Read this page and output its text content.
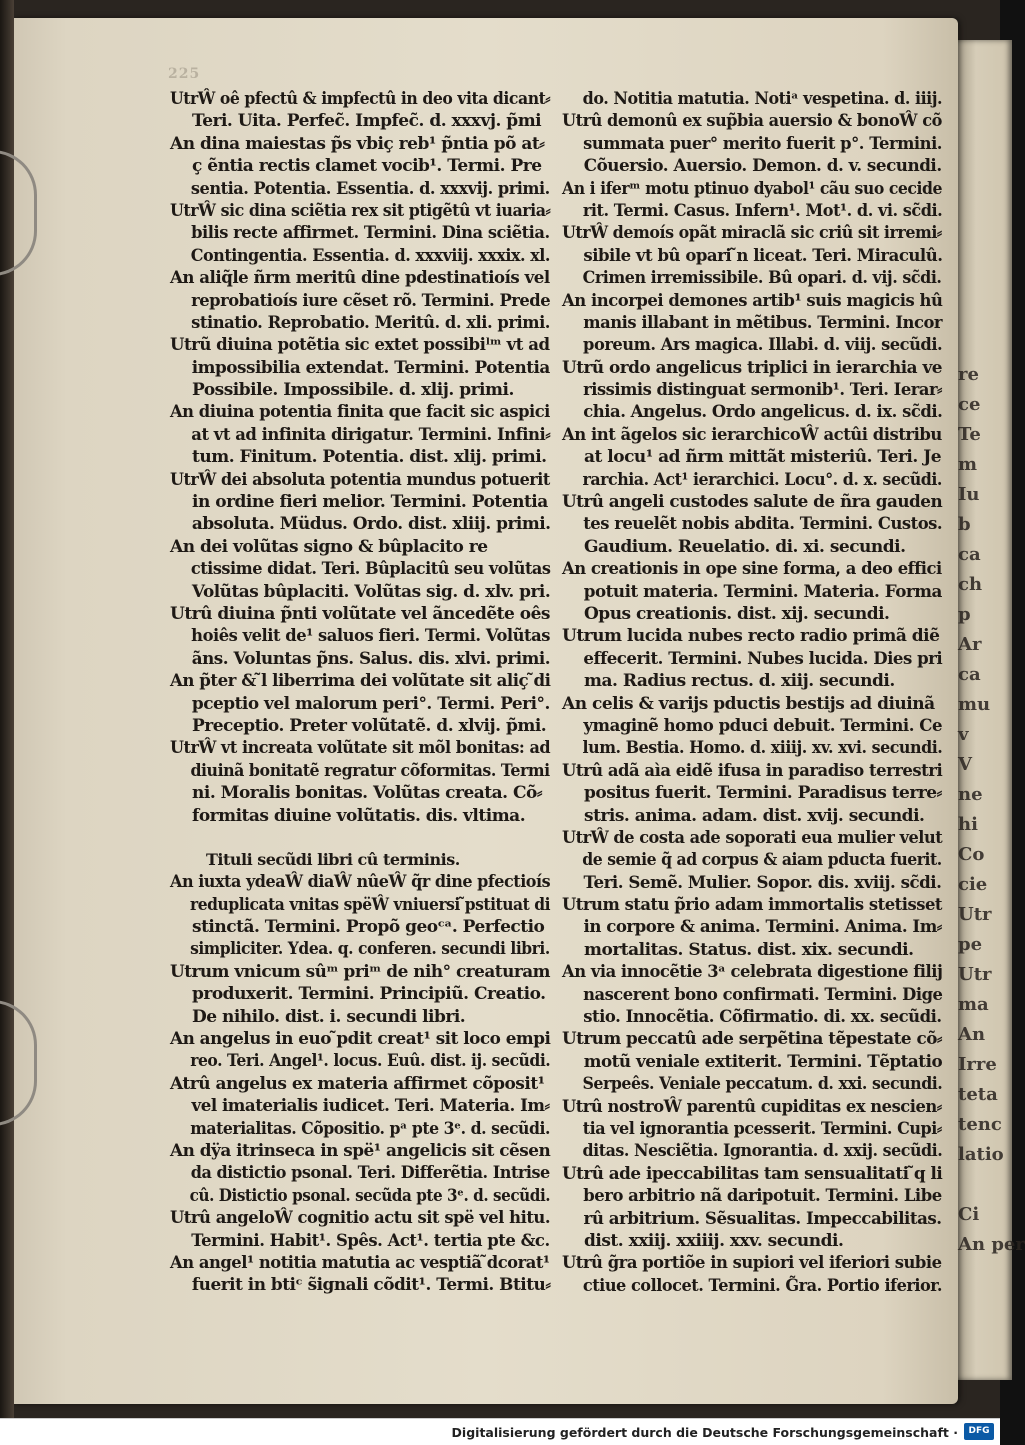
225
UtrŴ oê pfectû & impfectû in deo vita dicant⸗
Teri. Uita. Perfec̃. Impfec̃. d. xxxvj. p̃mi
An dina maiestas p̃s vbiç reb¹ p̃ntia põ at⸗
ç ẽntia rectis clamet vocib¹. Termi. Pre
sentia. Potentia. Essentia. d. xxxvij. primi.
UtrŴ sic dina sciẽtia rex sit ptigẽtû vt iuaria⸗
bilis recte affirmet. Termini. Dina sciẽtia.
Contingentia. Essentia. d. xxxviij. xxxix. xl.
An aliq̃le ñrm meritû dine pdestinatioís vel
reprobatioís iure cẽset rõ. Termini. Prede
stinatio. Reprobatio. Meritû. d. xli. primi.
Utrũ diuina potẽtia sic extet possibiˡᵐ vt ad
impossibilia extendat. Termini. Potentia
Possibile. Impossibile. d. xlij. primi.
An diuina potentia finita que facit sic aspici
at vt ad infinita dirigatur. Termini. Infini⸗
tum. Finitum. Potentia. dist. xlij. primi.
UtrŴ dei absoluta potentia mundus potuerit
in ordine fieri melior. Termini. Potentia
absoluta. Müdus. Ordo. dist. xliij. primi.
An dei volũtas signo & bûplacito re
ctissime didat. Teri. Bûplacitû seu volũtas
Volũtas bûplaciti. Volũtas sig. d. xlv. pri.
Utrû diuina p̃nti volũtate vel ãncedẽte oês
hoiês velit de¹ saluos fieri. Termi. Volũtas
ãns. Voluntas p̃ns. Salus. dis. xlvi. primi.
An p̃ter & ̃l liberrima dei volũtate sit aliç ̃di
pceptio vel malorum peri°. Termi. Peri°.
Preceptio. Preter volũtatẽ. d. xlvij. p̃mi.
UtrŴ vt increata volũtate sit mõl bonitas: ad
diuinã bonitatẽ regratur cõformitas. Termi
ni. Moralis bonitas. Volũtas creata. Cõ⸗
formitas diuine volũtatis. dis. vltima.
Tituli secũdi libri cû terminis.
An iuxta ydeaŴ diaŴ nûeŴ q̃r dine pfectioís
reduplicata vnitas spëŴ vniuersi ̃pstituat di
stinctã. Termini. Propõ geoᶜᵃ. Perfectio
simpliciter. Ydea. q. conferen. secundi libri.
Utrum vnicum sûᵐ priᵐ de nih° creaturam
produxerit. Termini. Principiũ. Creatio.
De nihilo. dist. i. secundi libri.
An angelus in euo ̃pdit creat¹ sit loco empi
reo. Teri. Angel¹. locus. Euû. dist. ij. secũdi.
Atrû angelus ex materia affirmet cõposit¹
vel imaterialis iudicet. Teri. Materia. Im⸗
materialitas. Cõpositio. pᵃ pte 3ᵉ. d. secũdi.
An dÿa itrinseca in spë¹ angelicis sit cẽsen
da distictio psonal. Teri. Differẽtia. Intrise
cû. Distictio psonal. secũda pte 3ᵉ. d. secũdi.
Utrû angeloŴ cognitio actu sit spë vel hitu.
Termini. Habit¹. Spês. Act¹. tertia pte &c.
An angel¹ notitia matutia ac vesptiã ̃dcorat¹
fuerit in btiᶜ s̃ignali cõdit¹. Termi. Btitu⸗
do. Notitia matutia. Notiᵃ vespetina. d. iiij.
Utrû demonû ex sup̃bia auersio & bonoŴ cõ
summata puer° merito fuerit p°. Termini.
Cõuersio. Auersio. Demon. d. v. secundi.
An i iferᵐ motu ptinuo dyabol¹ cãu suo cecide
rit. Termi. Casus. Infern¹. Mot¹. d. vi. sc̃di.
UtrŴ demoís opãt miraclã sic criû sit irremi⸗
sibile vt bû opari ̃n liceat. Teri. Miraculû.
Crimen irremissibile. Bû opari. d. vij. sc̃di.
An incorpei demones artib¹ suis magicis hû
manis illabant in mẽtibus. Termini. Incor
poreum. Ars magica. Illabi. d. viij. secũdi.
Utrũ ordo angelicus triplici in ierarchia ve
rissimis distinguat sermonib¹. Teri. Ierar⸗
chia. Angelus. Ordo angelicus. d. ix. sc̃di.
An int ãgelos sic ierarchicoŴ actûi distribu
at locu¹ ad ñrm mittãt misteriû. Teri. Je
rarchia. Act¹ ierarchici. Locu°. d. x. secũdi.
Utrû angeli custodes salute de ñra gauden
tes reuelẽt nobis abdita. Termini. Custos.
Gaudium. Reuelatio. di. xi. secundi.
An creationis in ope sine forma, a deo effici
potuit materia. Termini. Materia. Forma
Opus creationis. dist. xij. secundi.
Utrum lucida nubes recto radio primã diẽ
effecerit. Termini. Nubes lucida. Dies pri
ma. Radius rectus. d. xiij. secundi.
An celis & varijs pductis bestijs ad diuinã
ymaginẽ homo pduci debuit. Termini. Ce
lum. Bestia. Homo. d. xiiij. xv. xvi. secundi.
Utrû adã aìa eidẽ ifusa in paradiso terrestri
positus fuerit. Termini. Paradisus terre⸗
stris. anima. adam. dist. xvij. secundi.
UtrŴ de costa ade soporati eua mulier velut
de semie q̃ ad corpus & aiam pducta fuerit.
Teri. Semẽ. Mulier. Sopor. dis. xviij. sc̃di.
Utrum statu p̃rio adam immortalis stetisset
in corpore & anima. Termini. Anima. Im⸗
mortalitas. Status. dist. xix. secundi.
An via innocẽtie 3ᵃ celebrata digestione filij
nascerent bono confirmati. Termini. Dige
stio. Innocẽtia. Cõfirmatio. di. xx. secũdi.
Utrum peccatû ade serpẽtina tẽpestate cõ⸗
motũ veniale extiterit. Termini. Tẽptatio
Serpeês. Veniale peccatum. d. xxi. secundi.
Utrû nostroŴ parentû cupiditas ex nescien⸗
tia vel ignorantia pcesserit. Termini. Cupi⸗
ditas. Nesciẽtia. Ignorantia. d. xxij. secũdi.
Utrû ade ipeccabilitas tam sensualitati ̃q li
bero arbitrio nã daripotuit. Termini. Libe
rû arbitrium. Sẽsualitas. Impeccabilitas.
dist. xxiij. xxiiij. xxv. secundi.
Utrû g̃ra portiõe in supiori vel iferiori subie
ctiue collocet. Termini. G̃ra. Portio iferior.
re
ce
Te
m
Iu
b
ca
ch
p
Ar
ca
mu
v
V
ne
hi
Co
cie
Utr
pe
Utr
ma
An
Irre
teta
tenc
latio

Ci
An per
Digitalisierung gefördert durch die Deutsche Forschungsgemeinschaft ·	DFG
